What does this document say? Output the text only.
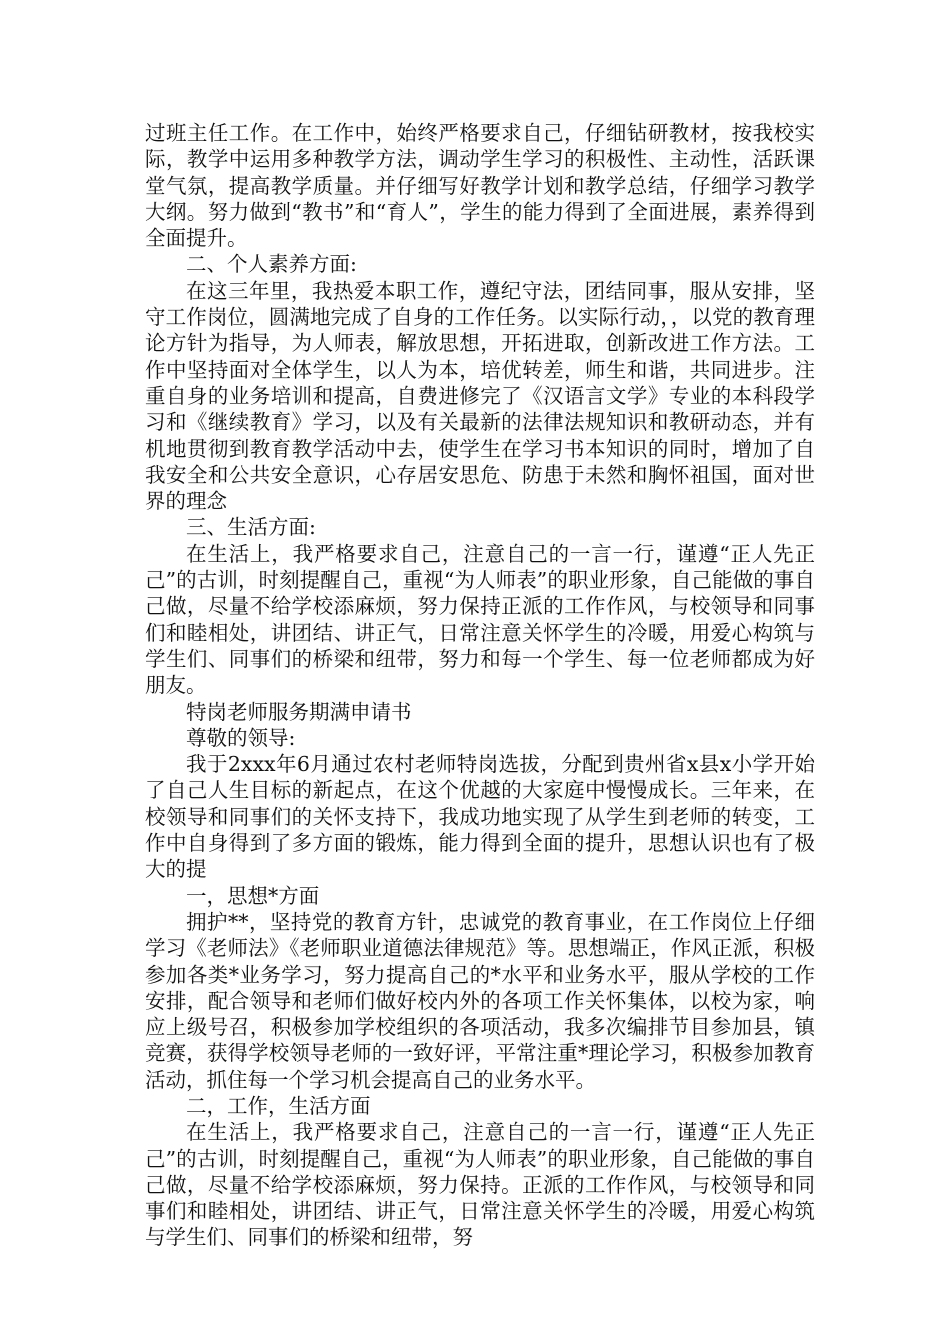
过班主任工作。在工作中，始终严格要求自己，仔细钻研教材，按我校实际，教学中运用多种教学方法，调动学生学习的积极性、主动性，活跃课堂气氛，提高教学质量。并仔细写好教学计划和教学总结，仔细学习教学大纲。努力做到“教书”和“育人”，学生的能力得到了全面进展，素养得到全面提升。

二、个人素养方面:

在这三年里，我热爱本职工作，遵纪守法，团结同事，服从安排，坚守工作岗位，圆满地完成了自身的工作任务。以实际行动，，以党的教育理论方针为指导，为人师表，解放思想，开拓进取，创新改进工作方法。工作中坚持面对全体学生，以人为本，培优转差，师生和谐，共同进步。注重自身的业务培训和提高，自费进修完了《汉语言文学》专业的本科段学习和《继续教育》学习，以及有关最新的法律法规知识和教研动态，并有机地贯彻到教育教学活动中去，使学生在学习书本知识的同时，增加了自我安全和公共安全意识，心存居安思危、防患于未然和胸怀祖国，面对世界的理念

三、生活方面:

在生活上，我严格要求自己，注意自己的一言一行，谨遵“正人先正己”的古训，时刻提醒自己，重视“为人师表”的职业形象，自己能做的事自己做，尽量不给学校添麻烦，努力保持正派的工作作风，与校领导和同事们和睦相处，讲团结、讲正气，日常注意关怀学生的冷暖，用爱心构筑与学生们、同事们的桥梁和纽带，努力和每一个学生、每一位老师都成为好朋友。

特岗老师服务期满申请书

尊敬的领导:

我于2xxx年6月通过农村老师特岗选拔，分配到贵州省x县x小学开始了自己人生目标的新起点，在这个优越的大家庭中慢慢成长。三年来，在校领导和同事们的关怀支持下，我成功地实现了从学生到老师的转变，工作中自身得到了多方面的锻炼，能力得到全面的提升，思想认识也有了极大的提

一，思想*方面

拥护**，坚持党的教育方针，忠诚党的教育事业，在工作岗位上仔细学习《老师法》《老师职业道德法律规范》等。思想端正，作风正派，积极参加各类*业务学习，努力提高自己的*水平和业务水平，服从学校的工作安排，配合领导和老师们做好校内外的各项工作关怀集体，以校为家，响应上级号召，积极参加学校组织的各项活动，我多次编排节目参加县，镇竞赛，获得学校领导老师的一致好评，平常注重*理论学习，积极参加教育活动，抓住每一个学习机会提高自己的业务水平。

二，工作，生活方面

在生活上，我严格要求自己，注意自己的一言一行，谨遵“正人先正己”的古训，时刻提醒自己，重视“为人师表”的职业形象，自己能做的事自己做，尽量不给学校添麻烦，努力保持。正派的工作作风，与校领导和同事们和睦相处，讲团结、讲正气，日常注意关怀学生的冷暖，用爱心构筑与学生们、同事们的桥梁和纽带，努
